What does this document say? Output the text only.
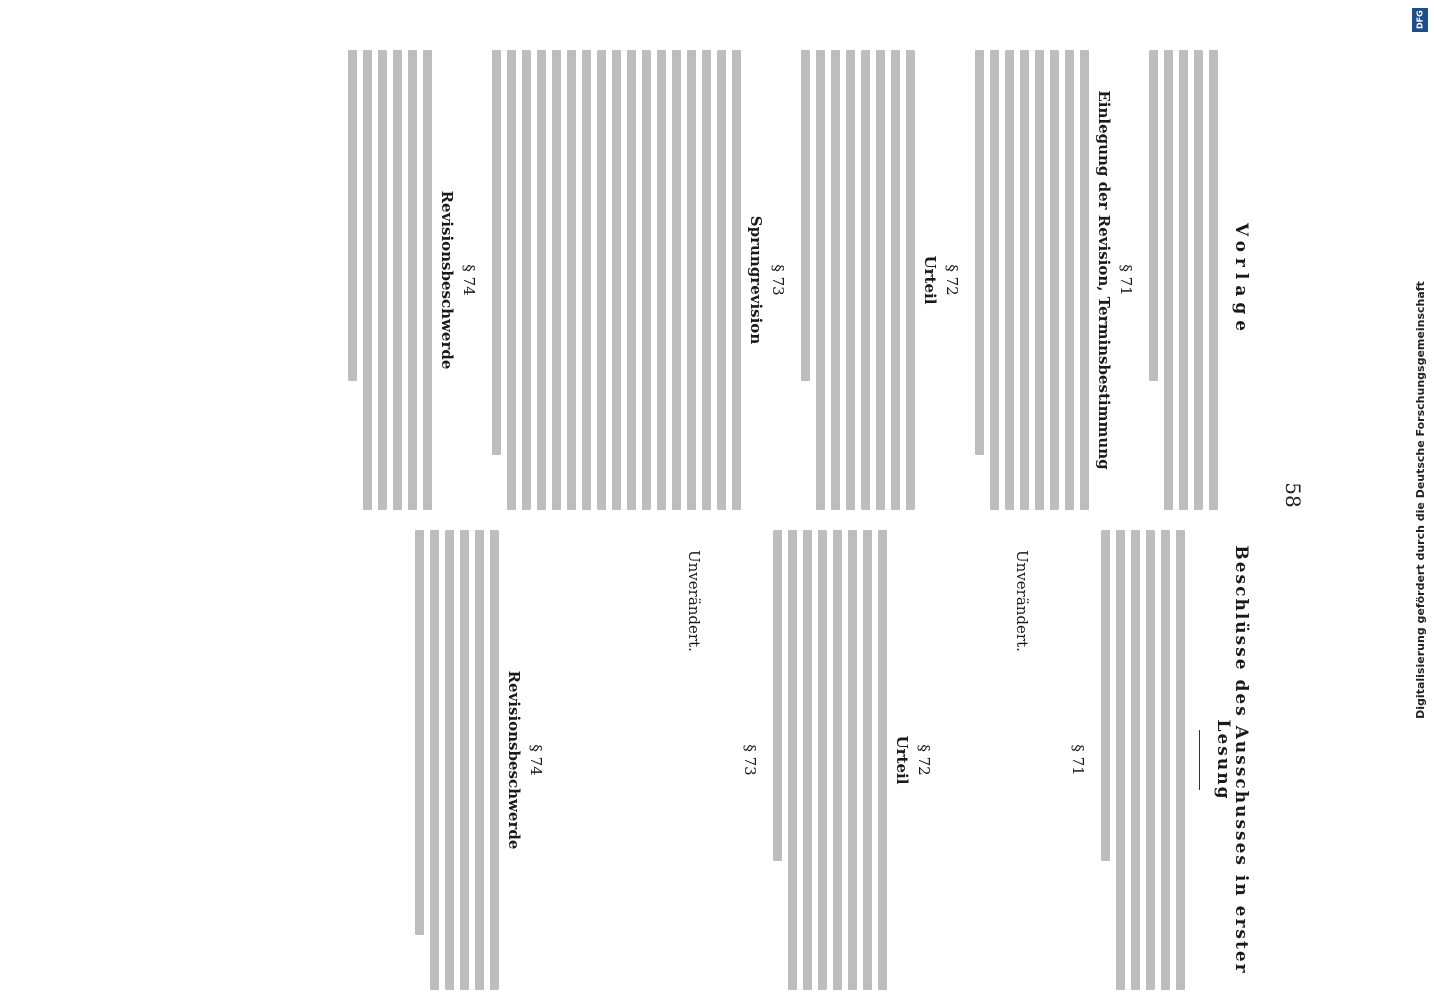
58
Vorlage
§ 71
Einlegung der Revision, Terminsbestimmung
§ 72
Urteil
§ 73
Sprungrevision
§ 74
Revisionsbeschwerde
Beschlüsse des Ausschusses in erster Lesung
§ 71
Unverändert.
§ 72
Urteil
§ 73
Unverändert.
§ 74
Revisionsbeschwerde
Digitalisierung gefördert durch die Deutsche Forschungsgemeinschaft
DFG
